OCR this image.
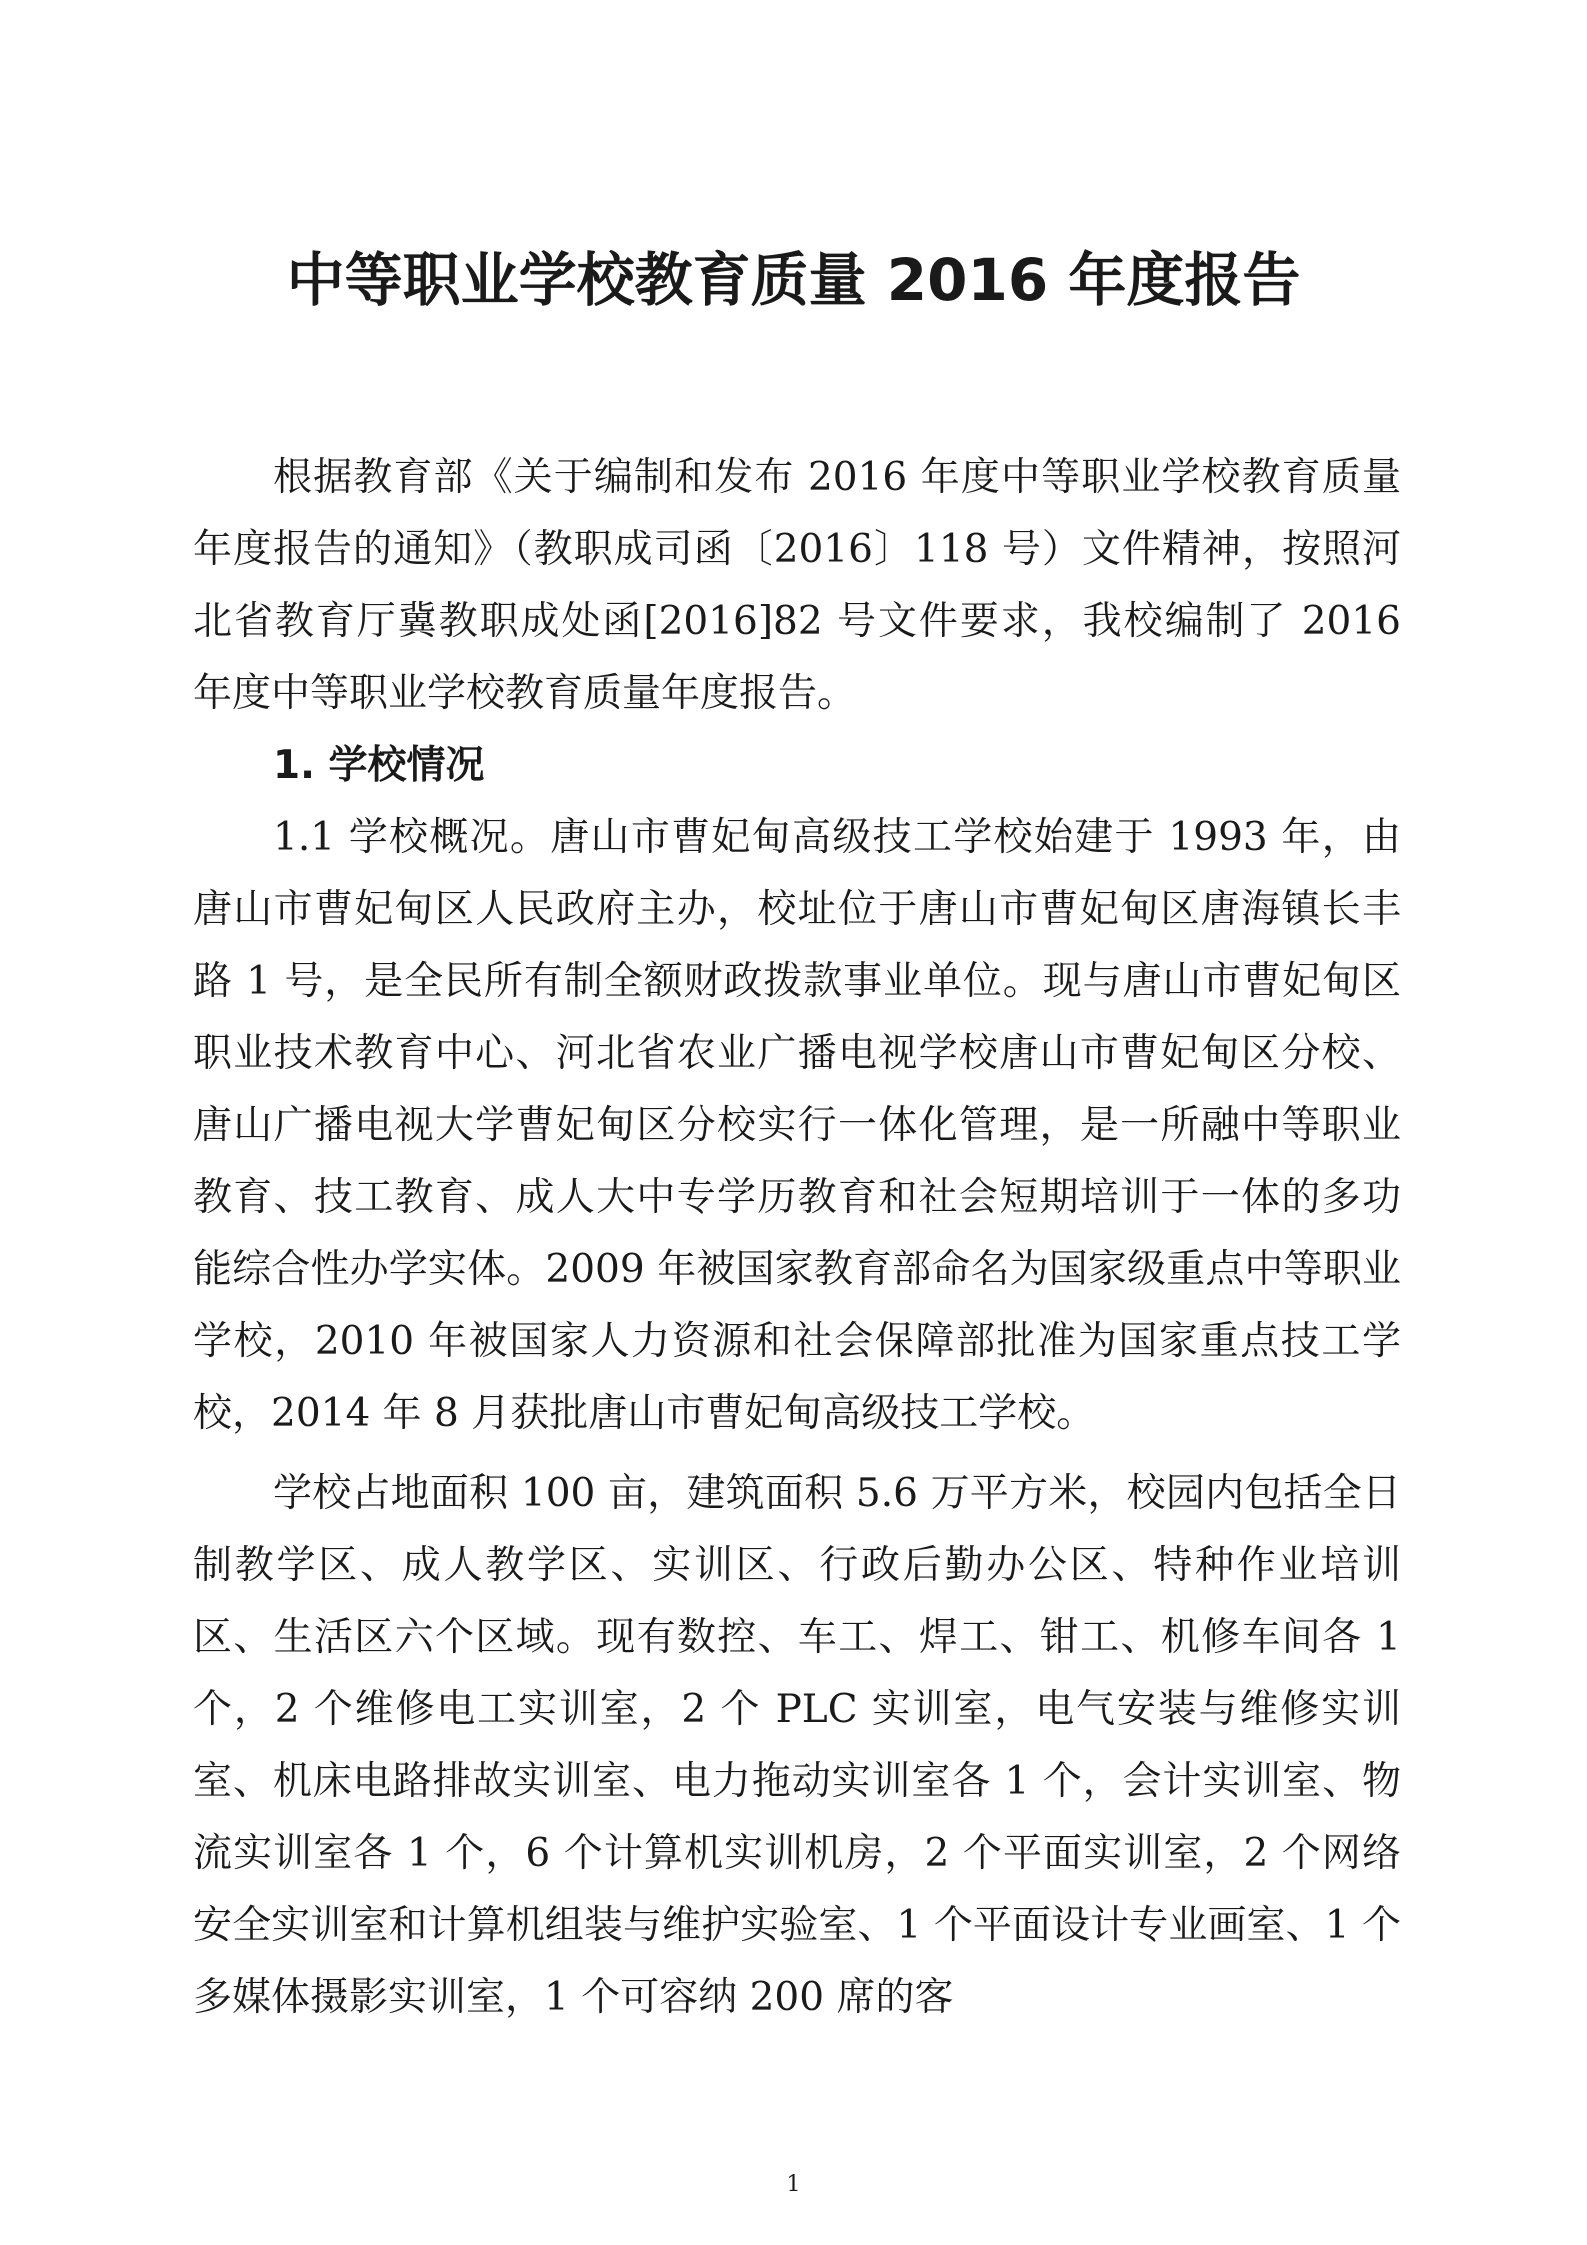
中等职业学校教育质量 2016 年度报告

根据教育部《关于编制和发布 2016 年度中等职业学校教育质量年度报告的通知》（教职成司函〔2016〕118 号）文件精神，按照河北省教育厅冀教职成处函[2016]82 号文件要求，我校编制了 2016 年度中等职业学校教育质量年度报告。

1. 学校情况

1.1 学校概况。唐山市曹妃甸高级技工学校始建于 1993 年，由唐山市曹妃甸区人民政府主办，校址位于唐山市曹妃甸区唐海镇长丰路 1 号，是全民所有制全额财政拨款事业单位。现与唐山市曹妃甸区职业技术教育中心、河北省农业广播电视学校唐山市曹妃甸区分校、唐山广播电视大学曹妃甸区分校实行一体化管理，是一所融中等职业教育、技工教育、成人大中专学历教育和社会短期培训于一体的多功能综合性办学实体。2009 年被国家教育部命名为国家级重点中等职业学校，2010 年被国家人力资源和社会保障部批准为国家重点技工学校，2014 年 8 月获批唐山市曹妃甸高级技工学校。

学校占地面积 100 亩，建筑面积 5.6 万平方米，校园内包括全日制教学区、成人教学区、实训区、行政后勤办公区、特种作业培训区、生活区六个区域。现有数控、车工、焊工、钳工、机修车间各 1 个，2 个维修电工实训室，2 个 PLC 实训室，电气安装与维修实训室、机床电路排故实训室、电力拖动实训室各 1 个，会计实训室、物流实训室各 1 个，6 个计算机实训机房，2 个平面实训室，2 个网络安全实训室和计算机组装与维护实验室、1 个平面设计专业画室、1 个多媒体摄影实训室，1 个可容纳 200 席的客

1
